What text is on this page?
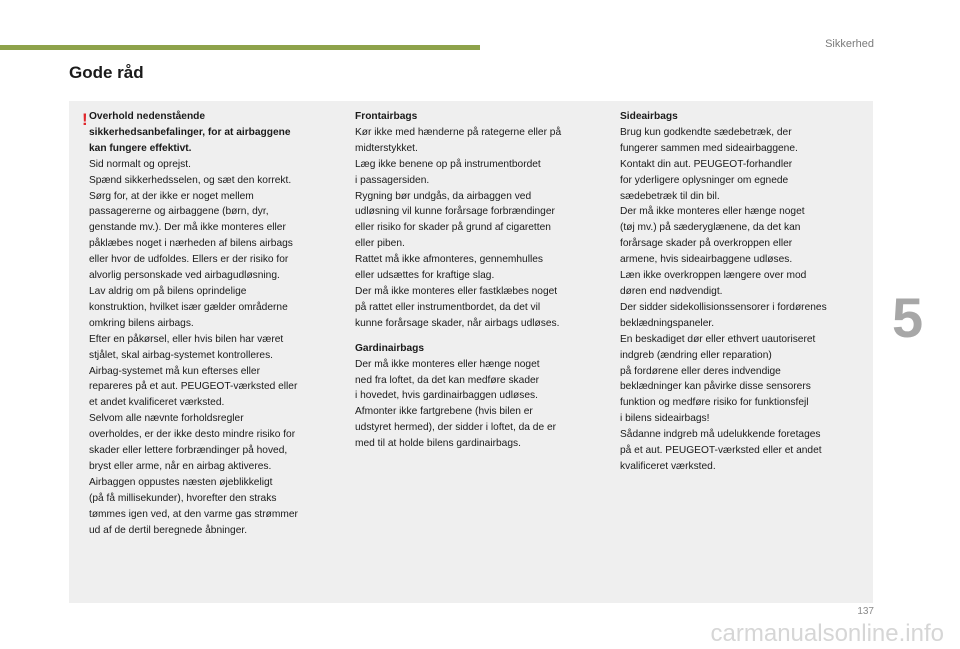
Sikkerhed
Gode råd
! Overhold nedenstående
sikkerhedsanbefalinger, for at airbaggene
kan fungere effektivt.

Sid normalt og oprejst.
Spænd sikkerhedsselen, og sæt den korrekt.
Sørg for, at der ikke er noget mellem
passagererne og airbaggene (børn, dyr,
genstande mv.). Der må ikke monteres eller
påklæbes noget i nærheden af bilens airbags
eller hvor de udfoldes. Ellers er der risiko for
alvorlig personskade ved airbagudløsning.
Lav aldrig om på bilens oprindelige
konstruktion, hvilket især gælder områderne
omkring bilens airbags.
Efter en påkørsel, eller hvis bilen har været
stjålet, skal airbag-systemet kontrolleres.
Airbag-systemet må kun efterses eller
repareres på et aut. PEUGEOT-værksted eller
et andet kvalificeret værksted.
Selvom alle nævnte forholdsregler
overholdes, er der ikke desto mindre risiko for
skader eller lettere forbrændinger på hoved,
bryst eller arme, når en airbag aktiveres.
Airbaggen oppustes næsten øjeblikkeligt
(på få millisekunder), hvorefter den straks
tømmes igen ved, at den varme gas strømmer
ud af de dertil beregnede åbninger.

Frontairbags

Kør ikke med hænderne på rategerne eller på
midterstykket.
Læg ikke benene op på instrumentbordet
i passagersiden.
Rygning bør undgås, da airbaggen ved
udløsning vil kunne forårsage forbrændinger
eller risiko for skader på grund af cigaretten
eller piben.
Rattet må ikke afmonteres, gennemhulles
eller udsættes for kraftige slag.
Der må ikke monteres eller fastklæbes noget
på rattet eller instrumentbordet, da det vil
kunne forårsage skader, når airbags udløses.

Gardinairbags

Der må ikke monteres eller hænge noget
ned fra loftet, da det kan medføre skader
i hovedet, hvis gardinairbaggen udløses.
Afmonter ikke fartgrebene (hvis bilen er
udstyret hermed), der sidder i loftet, da de er
med til at holde bilens gardinairbags.

Sideairbags

Brug kun godkendte sædebetræk, der
fungerer sammen med sideairbaggene.
Kontakt din aut. PEUGEOT-forhandler
for yderligere oplysninger om egnede
sædebetræk til din bil.
Der må ikke monteres eller hænge noget
(tøj mv.) på sæderyglænene, da det kan
forårsage skader på overkroppen eller
armene, hvis sideairbaggene udløses.
Læn ikke overkroppen længere over mod
døren end nødvendigt.
Der sidder sidekollisionssensorer i fordørenes
beklædningspaneler.
En beskadiget dør eller ethvert uautoriseret
indgreb (ændring eller reparation)
på fordørene eller deres indvendige
beklædninger kan påvirke disse sensorers
funktion og medføre risiko for funktionsfejl
i bilens sideairbags!
Sådanne indgreb må udelukkende foretages
på et aut. PEUGEOT-værksted eller et andet
kvalificeret værksted.

5
137
carmanualsonline.info
